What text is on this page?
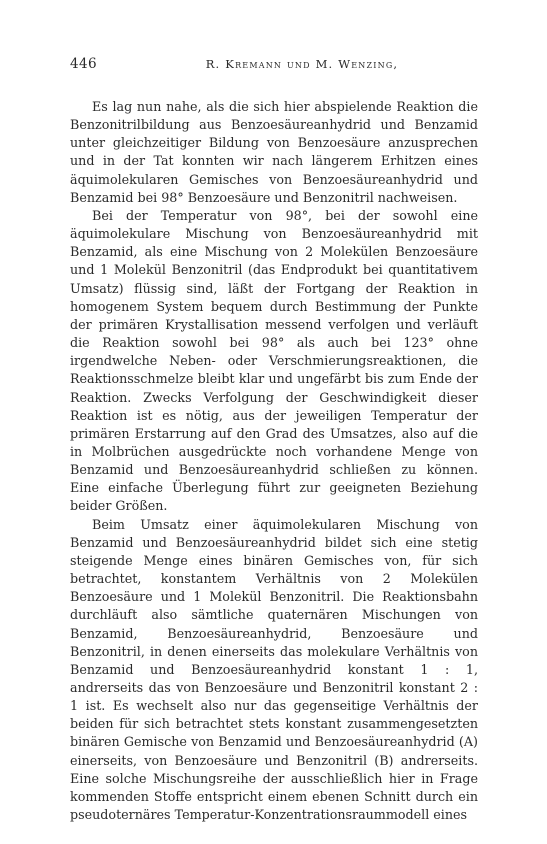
446	R. Kremann und M. Wenzing,

Es lag nun nahe, als die sich hier abspielende Reaktion die Benzonitrilbildung aus Benzoesäureanhydrid und Benzamid unter gleichzeitiger Bildung von Benzoesäure anzusprechen und in der Tat konnten wir nach längerem Erhitzen eines äquimolekularen Gemisches von Benzoesäureanhydrid und Benzamid bei 98° Benzoesäure und Benzonitril nachweisen.

Bei der Temperatur von 98°, bei der sowohl eine äquimolekulare Mischung von Benzoesäureanhydrid mit Benzamid, als eine Mischung von 2 Molekülen Benzoesäure und 1 Molekül Benzonitril (das Endprodukt bei quantitativem Umsatz) flüssig sind, läßt der Fortgang der Reaktion in homogenem System bequem durch Bestimmung der Punkte der primären Krystallisation messend verfolgen und verläuft die Reaktion sowohl bei 98° als auch bei 123° ohne irgendwelche Neben- oder Verschmierungsreaktionen, die Reaktionsschmelze bleibt klar und ungefärbt bis zum Ende der Reaktion. Zwecks Verfolgung der Geschwindigkeit dieser Reaktion ist es nötig, aus der jeweiligen Temperatur der primären Erstarrung auf den Grad des Umsatzes, also auf die in Molbrüchen ausgedrückte noch vorhandene Menge von Benzamid und Benzoesäureanhydrid schließen zu können. Eine einfache Überlegung führt zur geeigneten Beziehung beider Größen.

Beim Umsatz einer äquimolekularen Mischung von Benzamid und Benzoesäureanhydrid bildet sich eine stetig steigende Menge eines binären Gemisches von, für sich betrachtet, konstantem Verhältnis von 2 Molekülen Benzoesäure und 1 Molekül Benzonitril. Die Reaktionsbahn durchläuft also sämtliche quaternären Mischungen von Benzamid, Benzoesäureanhydrid, Benzoesäure und Benzonitril, in denen einerseits das molekulare Verhältnis von Benzamid und Benzoesäureanhydrid konstant 1 : 1, andrerseits das von Benzoesäure und Benzonitril konstant 2 : 1 ist. Es wechselt also nur das gegenseitige Verhältnis der beiden für sich betrachtet stets konstant zusammengesetzten binären Gemische von Benzamid und Benzoesäureanhydrid (A) einerseits, von Benzoesäure und Benzonitril (B) andrerseits. Eine solche Mischungsreihe der ausschließlich hier in Frage kommenden Stoffe entspricht einem ebenen Schnitt durch ein pseudoternäres Temperatur-Konzentrationsraummodell eines
